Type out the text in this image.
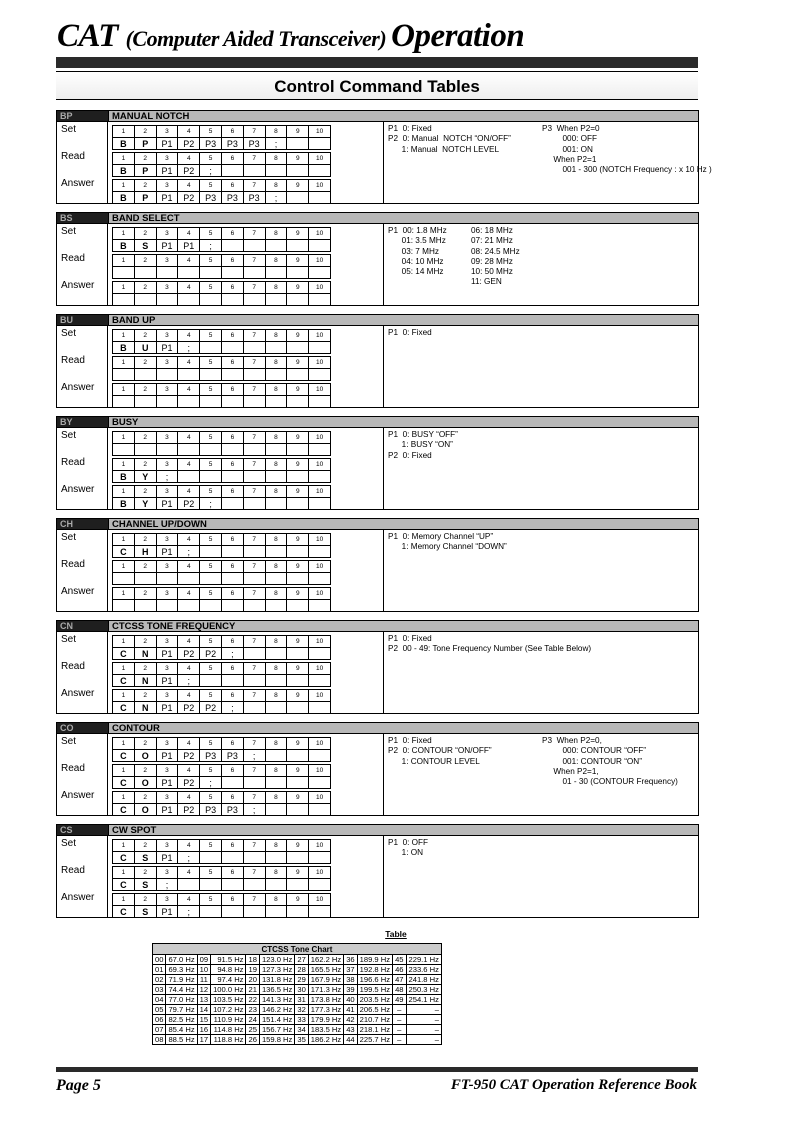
CAT (Computer Aided Transceiver) Operation
Control Command Tables
BP	MANUAL NOTCH
Set
Read
Answer
1	2	3	4	5	6	7	8	9	10
B	P	P1	P2	P3	P3	P3	;		
1	2	3	4	5	6	7	8	9	10
B	P	P1	P2	;					
1	2	3	4	5	6	7	8	9	10
B	P	P1	P2	P3	P3	P3	;		
P1  0: Fixed
P2  0: Manual  NOTCH “ON/OFF”
1: Manual  NOTCH LEVEL
P3  When P2=0
000: OFF
001: ON
When P2=1
001 - 300 (NOTCH Frequency : x 10 Hz )
BS	BAND SELECT
Set
Read
Answer
1	2	3	4	5	6	7	8	9	10
B	S	P1	P1	;					
1	2	3	4	5	6	7	8	9	10

1	2	3	4	5	6	7	8	9	10

P1  00: 1.8 MHz
01: 3.5 MHz
03: 7 MHz
04: 10 MHz
05: 14 MHz
06: 18 MHz
07: 21 MHz
08: 24.5 MHz
09: 28 MHz
10: 50 MHz
11: GEN
BU	BAND UP
Set
Read
Answer
1	2	3	4	5	6	7	8	9	10
B	U	P1	;						
1	2	3	4	5	6	7	8	9	10

1	2	3	4	5	6	7	8	9	10

P1  0: Fixed
BY	BUSY
Set
Read
Answer
1	2	3	4	5	6	7	8	9	10

1	2	3	4	5	6	7	8	9	10
B	Y	;							
1	2	3	4	5	6	7	8	9	10
B	Y	P1	P2	;					
P1  0: BUSY “OFF”
1: BUSY “ON”
P2  0: Fixed
CH	CHANNEL UP/DOWN
Set
Read
Answer
1	2	3	4	5	6	7	8	9	10
C	H	P1	;						
1	2	3	4	5	6	7	8	9	10

1	2	3	4	5	6	7	8	9	10

P1  0: Memory Channel “UP”
1: Memory Channel “DOWN”
CN	CTCSS TONE FREQUENCY
Set
Read
Answer
1	2	3	4	5	6	7	8	9	10
C	N	P1	P2	P2	;				
1	2	3	4	5	6	7	8	9	10
C	N	P1	;						
1	2	3	4	5	6	7	8	9	10
C	N	P1	P2	P2	;				
P1  0: Fixed
P2  00 - 49: Tone Frequency Number (See Table Below)
CO	CONTOUR
Set
Read
Answer
1	2	3	4	5	6	7	8	9	10
C	O	P1	P2	P3	P3	;			
1	2	3	4	5	6	7	8	9	10
C	O	P1	P2	;					
1	2	3	4	5	6	7	8	9	10
C	O	P1	P2	P3	P3	;			
P1  0: Fixed
P2  0: CONTOUR “ON/OFF”
1: CONTOUR LEVEL
P3  When P2=0,
000: CONTOUR “OFF”
001: CONTOUR “ON”
When P2=1,
01 - 30 (CONTOUR Frequency)
CS	CW SPOT
Set
Read
Answer
1	2	3	4	5	6	7	8	9	10
C	S	P1	;						
1	2	3	4	5	6	7	8	9	10
C	S	;							
1	2	3	4	5	6	7	8	9	10
C	S	P1	;						
P1  0: OFF
1: ON
Table
CTCSS Tone Chart											
00	67.0 Hz	09	91.5 Hz	18	123.0 Hz	27	162.2 Hz	36	189.9 Hz	45	229.1 Hz
01	69.3 Hz	10	94.8 Hz	19	127.3 Hz	28	165.5 Hz	37	192.8 Hz	46	233.6 Hz
02	71.9 Hz	11	97.4 Hz	20	131.8 Hz	29	167.9 Hz	38	196.6 Hz	47	241.8 Hz
03	74.4 Hz	12	100.0 Hz	21	136.5 Hz	30	171.3 Hz	39	199.5 Hz	48	250.3 Hz
04	77.0 Hz	13	103.5 Hz	22	141.3 Hz	31	173.8 Hz	40	203.5 Hz	49	254.1 Hz
05	79.7 Hz	14	107.2 Hz	23	146.2 Hz	32	177.3 Hz	41	206.5 Hz	–	–
06	82.5 Hz	15	110.9 Hz	24	151.4 Hz	33	179.9 Hz	42	210.7 Hz	–	–
07	85.4 Hz	16	114.8 Hz	25	156.7 Hz	34	183.5 Hz	43	218.1 Hz	–	–
08	88.5 Hz	17	118.8 Hz	26	159.8 Hz	35	186.2 Hz	44	225.7 Hz	–	–
Page 5	FT-950 CAT Operation Reference Book
